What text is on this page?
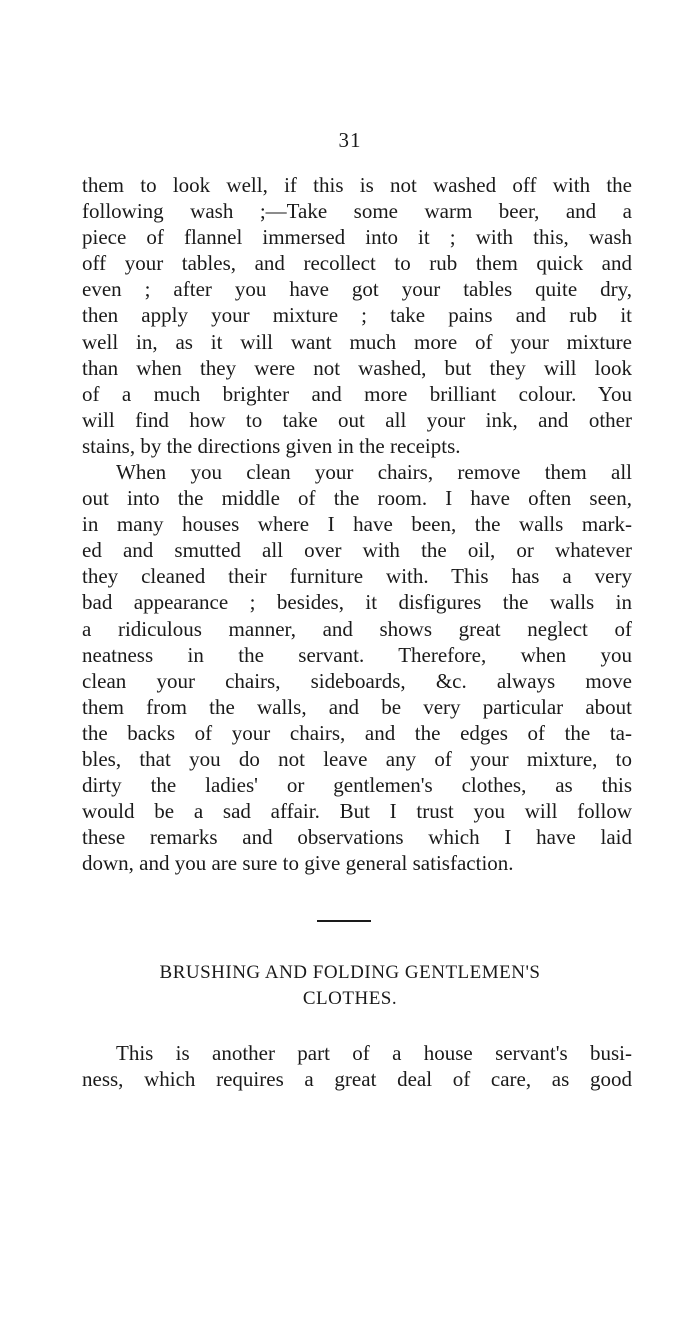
31
them to look well, if this is not washed off with the
following wash ;—Take some warm beer, and a
piece of flannel immersed into it ; with this, wash
off your tables, and recollect to rub them quick and
even ; after you have got your tables quite dry,
then apply your mixture ; take pains and rub it
well in, as it will want much more of your mixture
than when they were not washed, but they will look
of a much brighter and more brilliant colour. You
will find how to take out all your ink, and other
stains, by the directions given in the receipts.
When you clean your chairs, remove them all
out into the middle of the room. I have often seen,
in many houses where I have been, the walls mark-
ed and smutted all over with the oil, or whatever
they cleaned their furniture with. This has a very
bad appearance ; besides, it disfigures the walls in
a ridiculous manner, and shows great neglect of
neatness in the servant. Therefore, when you
clean your chairs, sideboards, &c. always move
them from the walls, and be very particular about
the backs of your chairs, and the edges of the ta-
bles, that you do not leave any of your mixture, to
dirty the ladies' or gentlemen's clothes, as this
would be a sad affair. But I trust you will follow
these remarks and observations which I have laid
down, and you are sure to give general satisfaction.
BRUSHING AND FOLDING GENTLEMEN'S
CLOTHES.
This is another part of a house servant's busi-
ness, which requires a great deal of care, as good
